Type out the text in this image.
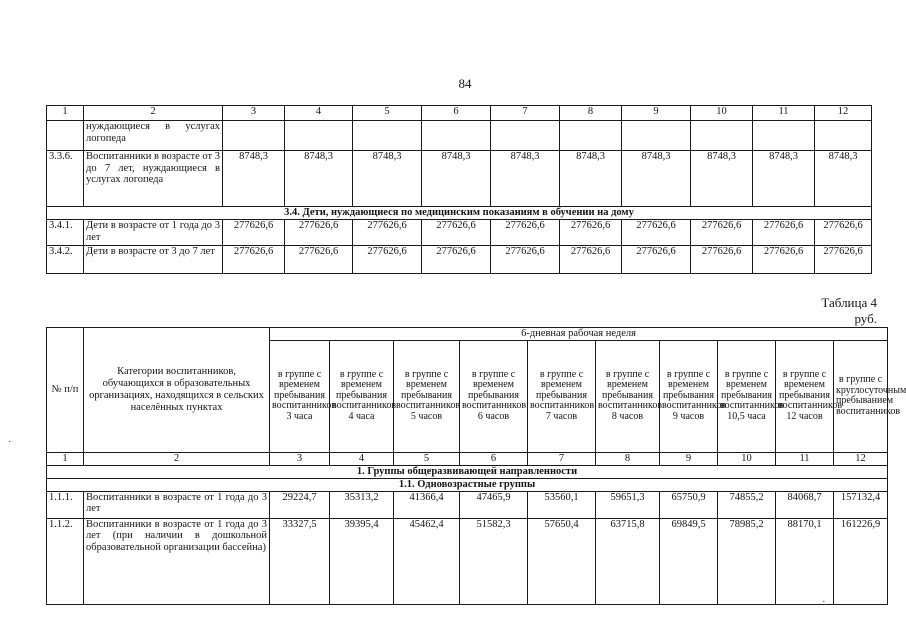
84
1	2	3	4	5	6	7	8	9	10	11	12
	нуждающиеся в услугах логопеда										
3.3.6.	Воспитанники в возрасте от 3 до 7 лет, нуждающиеся в услугах логопеда	8748,3	8748,3	8748,3	8748,3	8748,3	8748,3	8748,3	8748,3	8748,3	8748,3
3.4. Дети, нуждающиеся по медицинским показаниям в обучении на дому											
3.4.1.	Дети в возрасте от 1 года до 3 лет	277626,6	277626,6	277626,6	277626,6	277626,6	277626,6	277626,6	277626,6	277626,6	277626,6
3.4.2.	Дети в возрасте от 3 до 7 лет	277626,6	277626,6	277626,6	277626,6	277626,6	277626,6	277626,6	277626,6	277626,6	277626,6
Таблица 4
руб.
№ п/п	Категории воспитанников, обучающихся в образовательных организациях, находящихся в сельских населённых пунктах	6-дневная рабочая неделя									
		в группе с временем пребывания воспитанников 3 часа	в группе с временем пребывания воспитанников 4 часа	в группе с временем пребывания воспитанников 5 часов	в группе с временем пребывания воспитанников 6 часов	в группе с временем пребывания воспитанников 7 часов	в группе с временем пребывания воспитанников 8 часов	в группе с временем пребывания воспитанников 9 часов	в группе с временем пребывания воспитанников 10,5 часа	в группе с временем пребывания воспитанников 12 часов	в группе с круглосуточным пребыванием воспитанников
1	2	3	4	5	6	7	8	9	10	11	12
1. Группы общеразвивающей направленности											
1.1. Одновозрастные группы											
1.1.1.	Воспитанники в возрасте от 1 года до 3 лет	29224,7	35313,2	41366,4	47465,9	53560,1	59651,3	65750,9	74855,2	84068,7	157132,4
1.1.2.	Воспитанники в возрасте от 1 года до 3 лет (при наличии в дошкольной образовательной организации бассейна)	33327,5	39395,4	45462,4	51582,3	57650,4	63715,8	69849,5	78985,2	88170,1	161226,9
·
·.
